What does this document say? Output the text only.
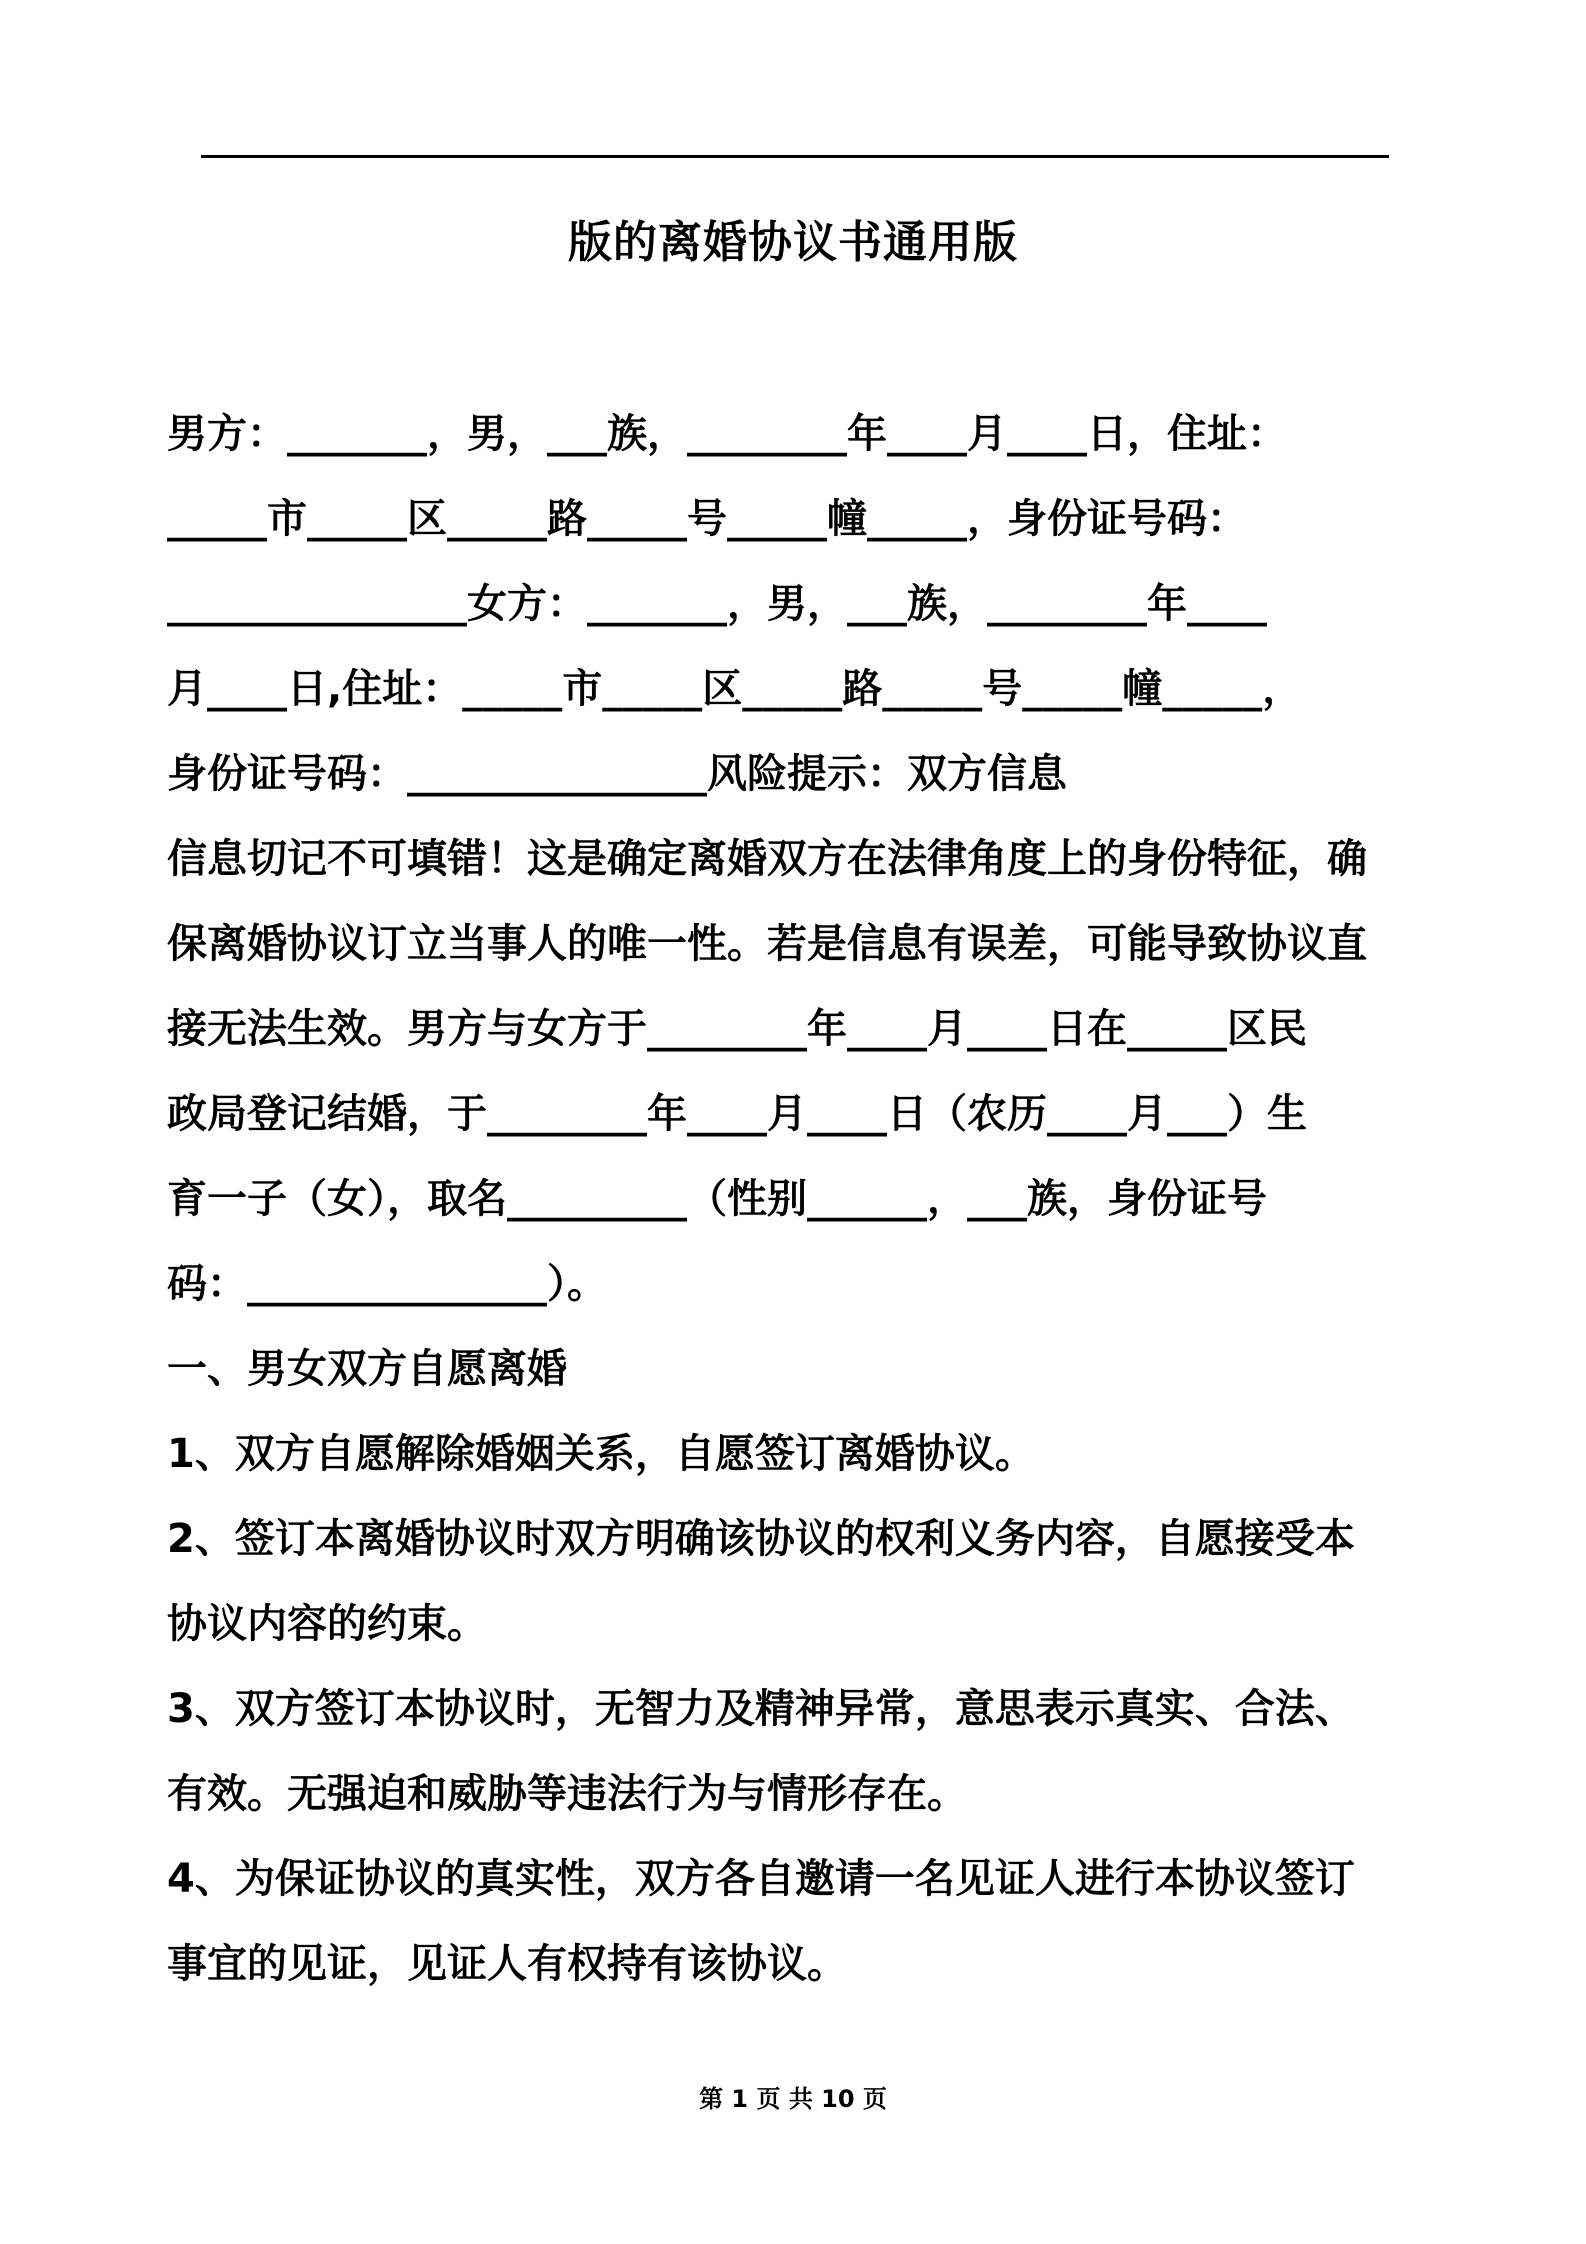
版的离婚协议书通用版
男方：_______，男，___族，________年____月____日，住址：
_____市_____区_____路_____号_____幢_____，身份证号码：
_______________女方：_______，男，___族，________年____
月____日,住址：_____市_____区_____路_____号_____幢_____，
身份证号码：_______________风险提示：双方信息
信息切记不可填错！这是确定离婚双方在法律角度上的身份特征，确
保离婚协议订立当事人的唯一性。若是信息有误差，可能导致协议直
接无法生效。男方与女方于________年____月____日在_____区民
政局登记结婚，于________年____月____日（农历____月___）生
育一子（女），取名_________（性别______，___族，身份证号
码：_______________）。
一、男女双方自愿离婚
1、双方自愿解除婚姻关系，自愿签订离婚协议。
2、签订本离婚协议时双方明确该协议的权利义务内容，自愿接受本
协议内容的约束。
3、双方签订本协议时，无智力及精神异常，意思表示真实、合法、
有效。无强迫和威胁等违法行为与情形存在。
4、为保证协议的真实性，双方各自邀请一名见证人进行本协议签订
事宜的见证，见证人有权持有该协议。
第 1 页 共 10 页
